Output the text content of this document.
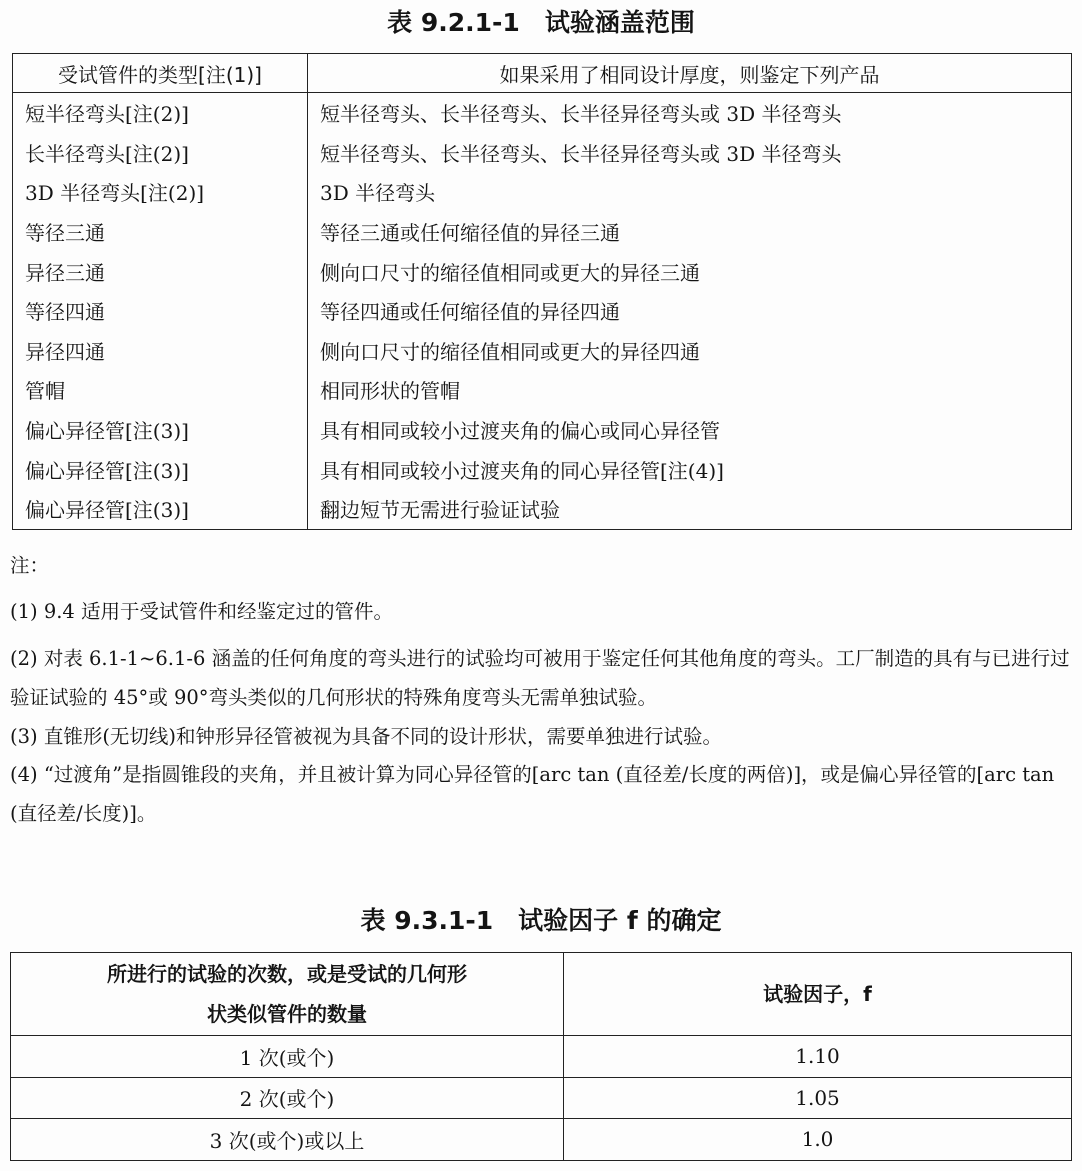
表 9.2.1-1　试验涵盖范围
受试管件的类型[注(1)]	如果采用了相同设计厚度，则鉴定下列产品
短半径弯头[注(2)]	短半径弯头、长半径弯头、长半径异径弯头或 3D 半径弯头
长半径弯头[注(2)]	短半径弯头、长半径弯头、长半径异径弯头或 3D 半径弯头
3D 半径弯头[注(2)]	3D 半径弯头
等径三通	等径三通或任何缩径值的异径三通
异径三通	侧向口尺寸的缩径值相同或更大的异径三通
等径四通	等径四通或任何缩径值的异径四通
异径四通	侧向口尺寸的缩径值相同或更大的异径四通
管帽	相同形状的管帽
偏心异径管[注(3)]	具有相同或较小过渡夹角的偏心或同心异径管
偏心异径管[注(3)]	具有相同或较小过渡夹角的同心异径管[注(4)]
偏心异径管[注(3)]	翻边短节无需进行验证试验

注：

(1) 9.4 适用于受试管件和经鉴定过的管件。

(2) 对表 6.1-1~6.1-6 涵盖的任何角度的弯头进行的试验均可被用于鉴定任何其他角度的弯头。工厂制造的具有与已进行过验证试验的 45°或 90°弯头类似的几何形状的特殊角度弯头无需单独试验。

(3) 直锥形(无切线)和钟形异径管被视为具备不同的设计形状，需要单独进行试验。

(4) “过渡角”是指圆锥段的夹角，并且被计算为同心异径管的[arc tan (直径差/长度的两倍)]，或是偏心异径管的[arc tan (直径差/长度)]。

表 9.3.1-1　试验因子 f 的确定
所进行的试验的次数，或是受试的几何形
状类似管件的数量	试验因子，f
1 次(或个)	1.10
2 次(或个)	1.05
3 次(或个)或以上	1.0
